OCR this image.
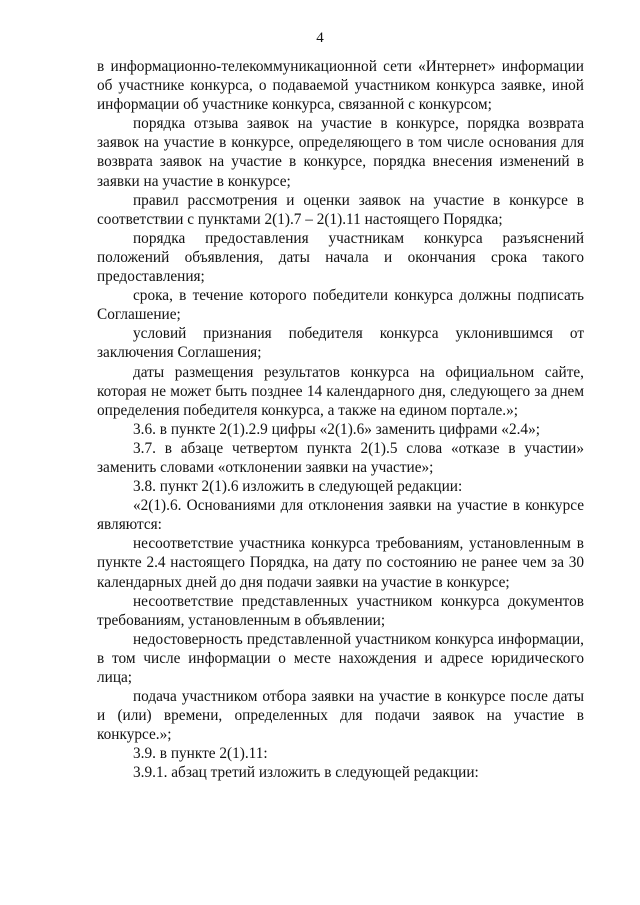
4

в информационно-телекоммуникационной сети «Интернет» информации об участнике конкурса, о подаваемой участником конкурса заявке, иной информации об участнике конкурса, связанной с конкурсом;

порядка отзыва заявок на участие в конкурсе, порядка возврата заявок на участие в конкурсе, определяющего в том числе основания для возврата заявок на участие в конкурсе, порядка внесения изменений в заявки на участие в конкурсе;

правил рассмотрения и оценки заявок на участие в конкурсе в соответствии с пунктами 2(1).7 – 2(1).11 настоящего Порядка;

порядка предоставления участникам конкурса разъяснений положений объявления, даты начала и окончания срока такого предоставления;

срока, в течение которого победители конкурса должны подписать Соглашение;

условий признания победителя конкурса уклонившимся от заключения Соглашения;

даты размещения результатов конкурса на официальном сайте, которая не может быть позднее 14 календарного дня, следующего за днем определения победителя конкурса, а также на едином портале.»;

3.6. в пункте 2(1).2.9 цифры «2(1).6» заменить цифрами «2.4»;

3.7. в абзаце четвертом пункта 2(1).5 слова «отказе в участии» заменить словами «отклонении заявки на участие»;

3.8. пункт 2(1).6 изложить в следующей редакции:

«2(1).6. Основаниями для отклонения заявки на участие в конкурсе являются:

несоответствие участника конкурса требованиям, установленным в пункте 2.4 настоящего Порядка, на дату по состоянию не ранее чем за 30 календарных дней до дня подачи заявки на участие в конкурсе;

несоответствие представленных участником конкурса документов требованиям, установленным в объявлении;

недостоверность представленной участником конкурса информации, в том числе информации о месте нахождения и адресе юридического лица;

подача участником отбора заявки на участие в конкурсе после даты и (или) времени, определенных для подачи заявок на участие в конкурсе.»;

3.9. в пункте 2(1).11:

3.9.1. абзац третий изложить в следующей редакции:
